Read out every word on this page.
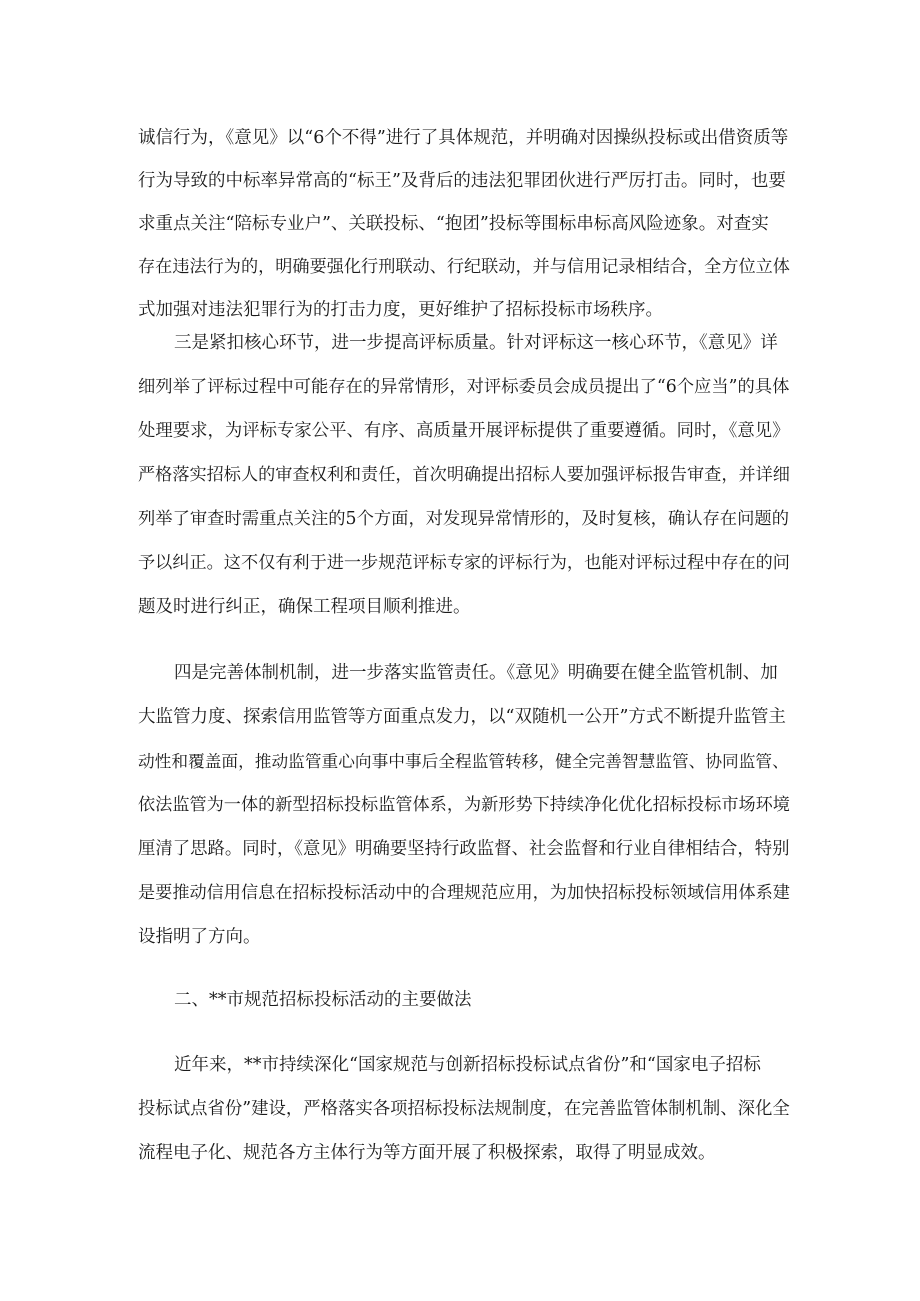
诚信行为，《意见》以“6个不得”进行了具体规范，并明确对因操纵投标或出借资质等
行为导致的中标率异常高的“标王”及背后的违法犯罪团伙进行严厉打击。同时，也要
求重点关注“陪标专业户”、关联投标、“抱团”投标等围标串标高风险迹象。对查实
存在违法行为的，明确要强化行刑联动、行纪联动，并与信用记录相结合，全方位立体
式加强对违法犯罪行为的打击力度，更好维护了招标投标市场秩序。
三是紧扣核心环节，进一步提高评标质量。针对评标这一核心环节，《意见》详
细列举了评标过程中可能存在的异常情形，对评标委员会成员提出了“6个应当”的具体
处理要求，为评标专家公平、有序、高质量开展评标提供了重要遵循。同时，《意见》
严格落实招标人的审查权利和责任，首次明确提出招标人要加强评标报告审查，并详细
列举了审查时需重点关注的5个方面，对发现异常情形的，及时复核，确认存在问题的
予以纠正。这不仅有利于进一步规范评标专家的评标行为，也能对评标过程中存在的问
题及时进行纠正，确保工程项目顺利推进。
四是完善体制机制，进一步落实监管责任。《意见》明确要在健全监管机制、加
大监管力度、探索信用监管等方面重点发力，以“双随机一公开”方式不断提升监管主
动性和覆盖面，推动监管重心向事中事后全程监管转移，健全完善智慧监管、协同监管、
依法监管为一体的新型招标投标监管体系，为新形势下持续净化优化招标投标市场环境
厘清了思路。同时，《意见》明确要坚持行政监督、社会监督和行业自律相结合，特别
是要推动信用信息在招标投标活动中的合理规范应用，为加快招标投标领域信用体系建
设指明了方向。
二、**市规范招标投标活动的主要做法
近年来，**市持续深化“国家规范与创新招标投标试点省份”和“国家电子招标
投标试点省份”建设，严格落实各项招标投标法规制度，在完善监管体制机制、深化全
流程电子化、规范各方主体行为等方面开展了积极探索，取得了明显成效。
